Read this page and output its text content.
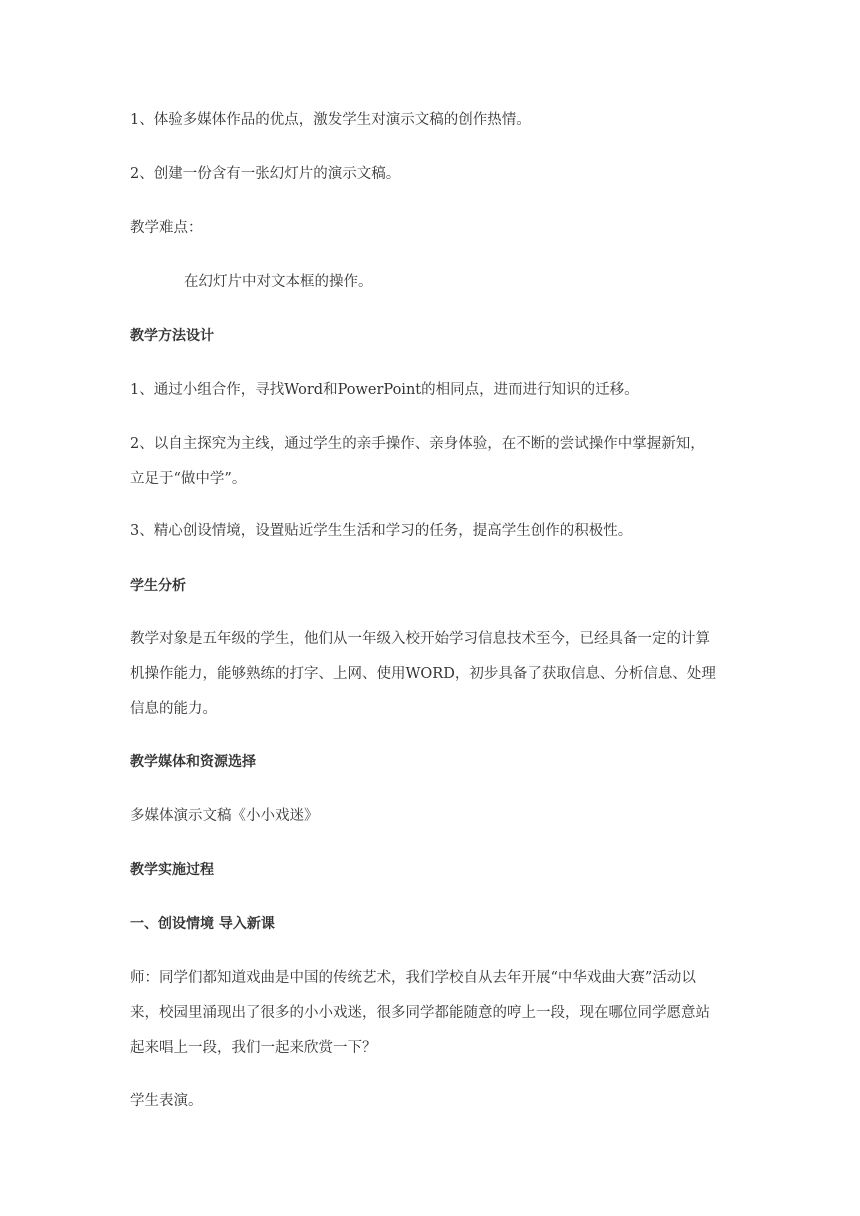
1、体验多媒体作品的优点，激发学生对演示文稿的创作热情。
2、创建一份含有一张幻灯片的演示文稿。
教学难点：
在幻灯片中对文本框的操作。
教学方法设计
1、通过小组合作，寻找Word和PowerPoint的相同点，进而进行知识的迁移。
2、以自主探究为主线，通过学生的亲手操作、亲身体验，在不断的尝试操作中掌握新知，
立足于“做中学”。
3、精心创设情境，设置贴近学生生活和学习的任务，提高学生创作的积极性。
学生分析
教学对象是五年级的学生，他们从一年级入校开始学习信息技术至今，已经具备一定的计算
机操作能力，能够熟练的打字、上网、使用WORD，初步具备了获取信息、分析信息、处理
信息的能力。
教学媒体和资源选择
多媒体演示文稿《小小戏迷》
教学实施过程
一、创设情境 导入新课
师：同学们都知道戏曲是中国的传统艺术，我们学校自从去年开展“中华戏曲大赛”活动以
来，校园里涌现出了很多的小小戏迷，很多同学都能随意的哼上一段，现在哪位同学愿意站
起来唱上一段，我们一起来欣赏一下？
学生表演。
